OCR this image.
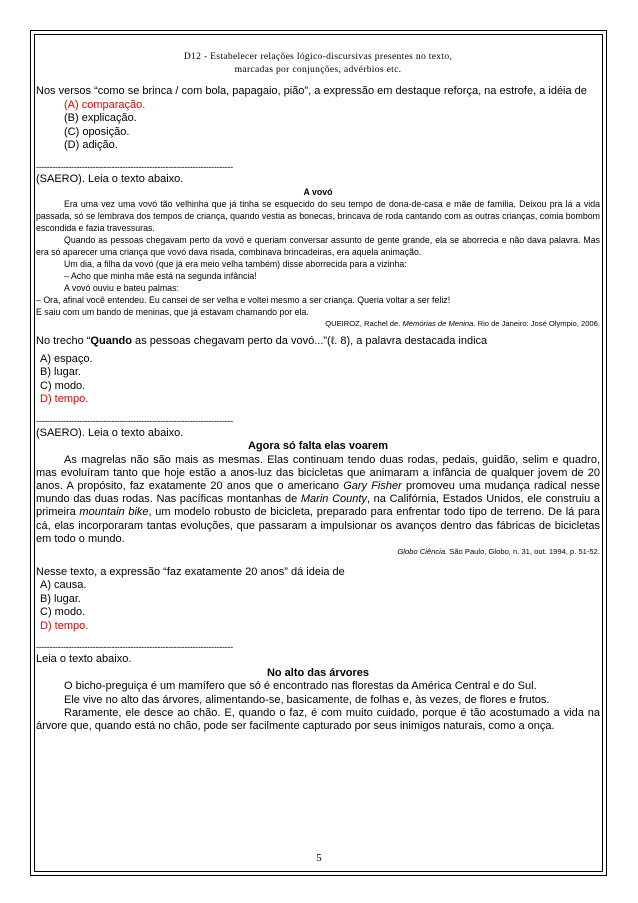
D12 - Estabelecer relações lógico-discursivas presentes no texto,
marcadas por conjunções, advérbios etc.
Nos versos “como se brinca / com bola, papagaio, pião”, a expressão em destaque reforça, na estrofe, a idéia de
(A) comparação.
(B) explicação.
(C) oposição.
(D) adição.
-------------------------------------------------------------------------
(SAERO). Leia o texto abaixo.
A vovó

Era uma vez uma vovó tão velhinha que já tinha se esquecido do seu tempo de dona-de-casa e mãe de família. Deixou pra lá a vida passada, só se lembrava dos tempos de criança, quando vestia as bonecas, brincava de roda cantando com as outras crianças, comia bombom escondida e fazia travessuras.

Quando as pessoas chegavam perto da vovó e queriam conversar assunto de gente grande, ela se aborrecia e não dava palavra. Mas era só aparecer uma criança que vovó dava risada, combinava brincadeiras, era aquela animação.

Um dia, a filha da vovó (que já era meio velha também) disse aborrecida para a vizinha:

– Acho que minha mãe está na segunda infância!

A vovó ouviu e bateu palmas:

– Ora, afinal você entendeu. Eu cansei de ser velha e voltei mesmo a ser criança. Queria voltar a ser feliz!

E saiu com um bando de meninas, que já estavam chamando por ela.

QUEIROZ, Rachel de. Memórias de Menina. Rio de Janeiro: José Olympio, 2006.
No trecho “Quando as pessoas chegavam perto da vovó...”(ℓ. 8), a palavra destacada indica
A) espaço.
B) lugar.
C) modo.
D) tempo.
-------------------------------------------------------------------------
(SAERO). Leia o texto abaixo.
Agora só falta elas voarem

As magrelas não são mais as mesmas. Elas continuam tendo duas rodas, pedais, guidão, selim e quadro, mas evoluíram tanto que hoje estão a anos-luz das bicicletas que animaram a infância de qualquer jovem de 20 anos. A propósito, faz exatamente 20 anos que o americano Gary Fisher promoveu uma mudança radical nesse mundo das duas rodas. Nas pacíficas montanhas de Marin County, na Califórnia, Estados Unidos, ele construiu a primeira mountain bike, um modelo robusto de bicicleta, preparado para enfrentar todo tipo de terreno. De lá para cá, elas incorporaram tantas evoluções, que passaram a impulsionar os avanços dentro das fábricas de bicicletas em todo o mundo.

Globo Ciência. São Paulo, Globo, n. 31, out. 1994, p. 51-52.
Nesse texto, a expressão “faz exatamente 20 anos” dá ideia de
A) causa.
B) lugar.
C) modo.
D) tempo.
-------------------------------------------------------------------------
Leia o texto abaixo.
No alto das árvores

O bicho-preguiça é um mamífero que só é encontrado nas florestas da América Central e do Sul.

Ele vive no alto das árvores, alimentando-se, basicamente, de folhas e, às vezes, de flores e frutos.

Raramente, ele desce ao chão. E, quando o faz, é com muito cuidado, porque é tão acostumado a vida na árvore que, quando está no chão, pode ser facilmente capturado por seus inimigos naturais, como a onça.

5
